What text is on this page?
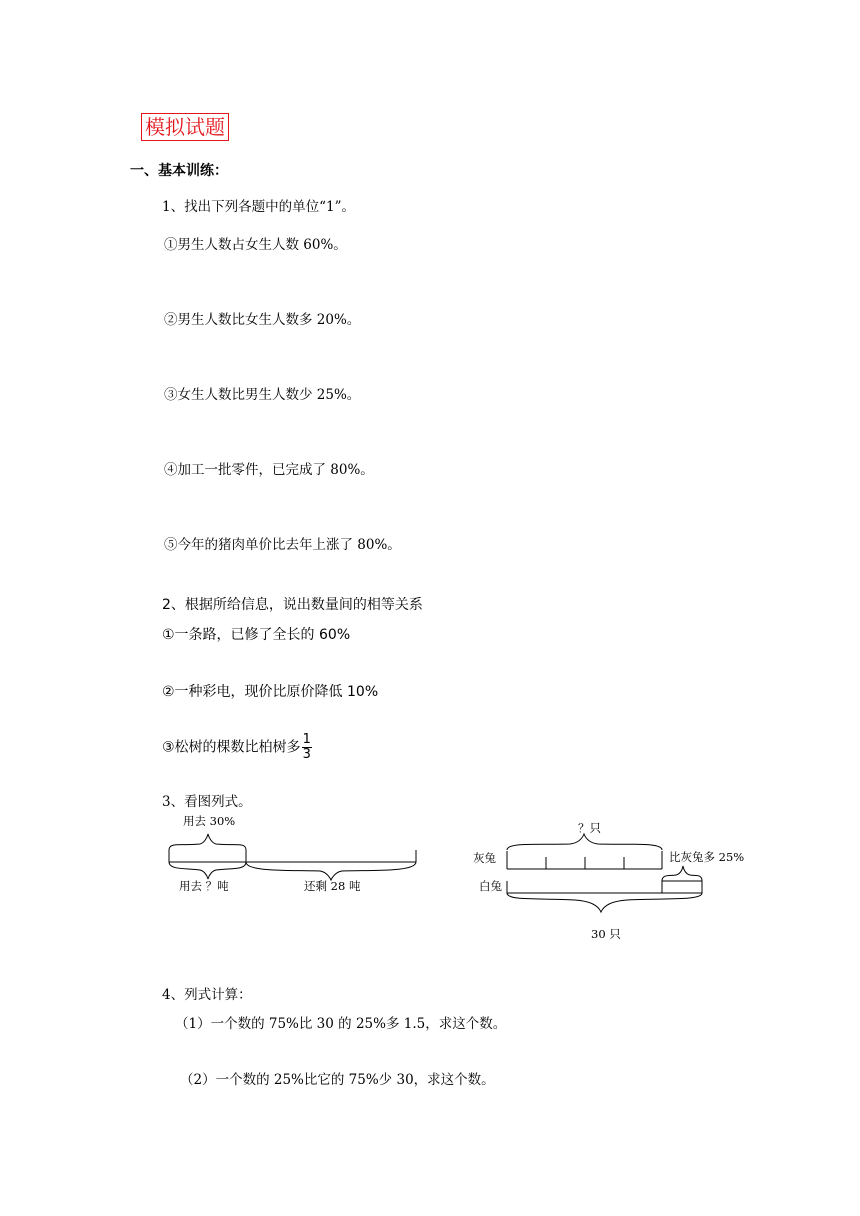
模拟试题
一、基本训练：
1、找出下列各题中的单位“1”。
①男生人数占女生人数 60%。
②男生人数比女生人数多 20%。
③女生人数比男生人数少 25%。
④加工一批零件，已完成了 80%。
⑤今年的猪肉单价比去年上涨了 80%。
2、根据所给信息，说出数量间的相等关系
①一条路，已修了全长的 60%
②一种彩电，现价比原价降低 10%
③松树的棵数比柏树多 $\frac{1}{3}$
3、看图列式。
用去 30%
用去 ？吨	还剩 28 吨
？只
灰兔	比灰兔多 25%
白兔
30 只
4、列式计算：
（1）一个数的 75%比 30 的 25%多 1.5，求这个数。
（2）一个数的 25%比它的 75%少 30，求这个数。
